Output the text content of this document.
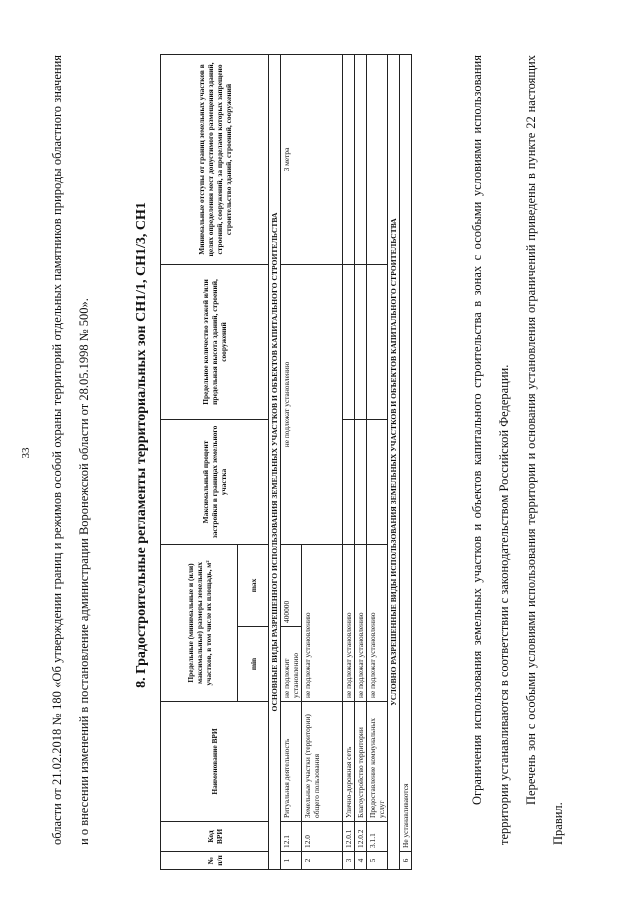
33	области от 21.02.2018 № 180 «Об утверждении границ и режимов особой охраны территорий отдельных памятников природы областного значения и о внесении изменений в постановление администрации Воронежской области от 28.05.1998 № 500».	8. Градостроительные регламенты территориальных зон СН1/1, СН1/3, СН1
№ п/п	Код ВРИ	Наименование ВРИ	Предельные (минимальные и (или) максимальные) размеры земельных участков, в том числе их площадь, м²		Максимальный процент застройки в границах земельного участка	Предельное количество этажей и/или предельная высота зданий, строений, сооружений	Минимальные отступы от границ земельных участков в целях определения мест допустимого размещения зданий, строений, сооружений, за пределами которых запрещено строительство зданий, строений, сооружений
			min	max			
ОСНОВНЫЕ ВИДЫ РАЗРЕШЕННОГО ИСПОЛЬЗОВАНИЯ ЗЕМЕЛЬНЫХ УЧАСТКОВ И ОБЪЕКТОВ КАПИТАЛЬНОГО СТРОИТЕЛЬСТВА							
1	12.1	Ритуальная деятельность	не подлежит установлению	400000	не подлежат установлению		3 метра
2	12.0	Земельные участки (территории) общего пользования	не подлежат установлению				
3	12.0.1	Улично-дорожная сеть	не подлежат установлению				
4	12.0.2	Благоустройство территории	не подлежат установлению				
5	3.1.1	Предоставление коммунальных услуг	не подлежат установлению				
УСЛОВНО РАЗРЕШЕННЫЕ ВИДЫ ИСПОЛЬЗОВАНИЯ ЗЕМЕЛЬНЫХ УЧАСТКОВ И ОБЪЕКТОВ КАПИТАЛЬНОГО СТРОИТЕЛЬСТВА							
6	Не устанавливаются						

Ограничения использования земельных участков и объектов капитального строительства в зонах с особыми условиями использования территории устанавливаются в соответствии с законодательством Российской Федерации.	Перечень зон с особыми условиями использования территории и основания установления ограничений приведены в пункте 22 настоящих Правил.
